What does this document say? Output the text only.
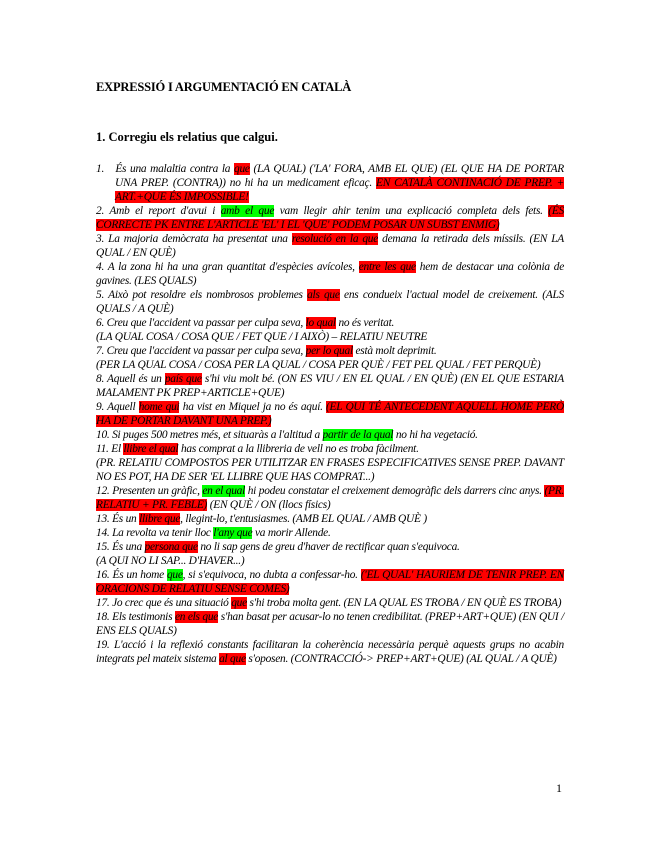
EXPRESSIÓ I ARGUMENTACIÓ EN CATALÀ
1. Corregiu els relatius que calgui.

1.   És una malaltia contra la que (LA QUAL) ('LA' FORA, AMB EL QUE) (EL QUE HA DE PORTAR UNA PREP. (CONTRA)) no hi ha un medicament eficaç. EN CATALÀ CONTINACIÓ DE PREP. + ART.+QUE ÉS IMPOSSIBLE!

2. Amb el report d'avui i amb el que vam llegir ahir tenim una explicació completa dels fets. (ÉS CORRECTE PK ENTRE L'ARTICLE 'EL' I EL 'QUE' PODEM POSAR UN SUBST ENMIG)

3. La majoria demòcrata ha presentat una resolució en la que demana la retirada dels míssils. (EN LA QUAL / EN QUÈ)

4. A la zona hi ha una gran quantitat d'espècies avícoles, entre les que hem de destacar una colònia de gavines. (LES QUALS)

5. Això pot resoldre els nombrosos problemes als que ens condueix l'actual model de creixement. (ALS QUALS / A QUÈ)

6. Creu que l'accident va passar per culpa seva, lo qual no és veritat.

(LA QUAL COSA / COSA QUE / FET QUE / I AIXÒ) – RELATIU NEUTRE

7. Creu que l'accident va passar per culpa seva, per lo qual està molt deprimit.

(PER LA QUAL COSA / COSA PER LA QUAL / COSA PER QUÈ / FET PEL QUAL / FET PERQUÈ)

8. Aquell és un país que s'hi viu molt bé. (ON ES VIU / EN EL QUAL / EN QUÈ) (EN EL QUE ESTARIA MALAMENT PK PREP+ARTICLE+QUE)

9. Aquell home qui ha vist en Miquel ja no és aquí. (EL QUI TÉ ANTECEDENT AQUELL HOME PERÒ HA DE PORTAR DAVANT UNA PREP.)

10. Si puges 500 metres més, et situaràs a l'altitud a partir de la qual no hi ha vegetació.

11. El llibre el qual has comprat a la llibreria de vell no es troba fàcilment.

(PR. RELATIU COMPOSTOS PER UTILITZAR EN FRASES ESPECIFICATIVES SENSE PREP. DAVANT NO ES POT, HA DE SER 'EL LLIBRE QUE HAS COMPRAT...)

12. Presenten un gràfic, en el qual hi podeu constatar el creixement demogràfic dels darrers cinc anys. (PR. RELATIU + PR. FEBLE) (EN QUÈ / ON (llocs físics)

13. És un llibre que, llegint-lo, t'entusiasmes. (AMB EL QUAL / AMB QUÈ )

14. La revolta va tenir lloc l'any que va morir Allende.

15. És una persona que no li sap gens de greu d'haver de rectificar quan s'equivoca.

(A QUI NO LI SAP... D'HAVER...)

16. És un home que, si s'equivoca, no dubta a confessar-ho. ('EL QUAL' HAURIEM DE TENIR PREP. EN ORACIONS DE RELATIU SENSE COMES)

17. Jo crec que és una situació que s'hi troba molta gent. (EN LA QUAL ES TROBA / EN QUÈ ES TROBA)

18. Els testimonis en els que s'han basat per acusar-lo no tenen credibilitat. (PREP+ART+QUE) (EN QUI / ENS ELS QUALS)

19. L'acció i la reflexió constants facilitaran la coherència necessària perquè aquests grups no acabin integrats pel mateix sistema al que s'oposen. (CONTRACCIÓ-> PREP+ART+QUE) (AL QUAL / A QUÈ)

1
